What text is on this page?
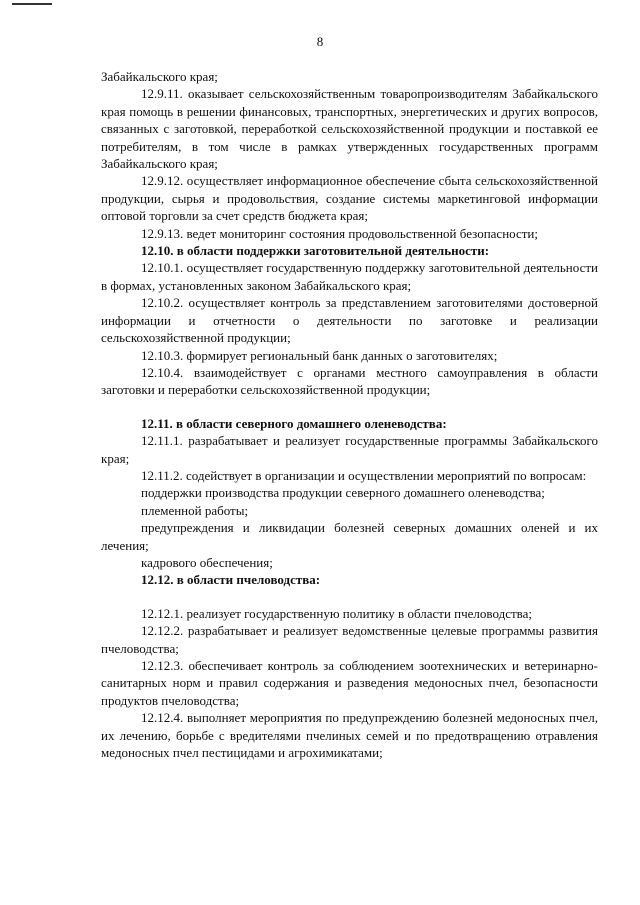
8

Забайкальского края;

12.9.11. оказывает сельскохозяйственным товаропроизводителям Забайкальского края помощь в решении финансовых, транспортных, энергетических и других вопросов, связанных с заготовкой, переработкой сельскохозяйственной продукции и поставкой ее потребителям, в том числе в рамках утвержденных государственных программ Забайкальского края;

12.9.12. осуществляет информационное обеспечение сбыта сельскохозяйственной продукции, сырья и продовольствия, создание системы маркетинговой информации оптовой торговли за счет средств бюджета края;

12.9.13. ведет мониторинг состояния продовольственной безопасности;

12.10. в области поддержки заготовительной деятельности:

12.10.1. осуществляет государственную поддержку заготовительной деятельности в формах, установленных законом Забайкальского края;

12.10.2. осуществляет контроль за представлением заготовителями достоверной информации и отчетности о деятельности по заготовке и реализации сельскохозяйственной продукции;

12.10.3. формирует региональный банк данных о заготовителях;

12.10.4. взаимодействует с органами местного самоуправления в области заготовки и переработки сельскохозяйственной продукции;

12.11. в области северного домашнего оленеводства:

12.11.1. разрабатывает и реализует государственные программы Забайкальского края;

12.11.2. содействует в организации и осуществлении мероприятий по вопросам:

поддержки производства продукции северного домашнего оленеводства;

племенной работы;

предупреждения и ликвидации болезней северных домашних оленей и их лечения;

кадрового обеспечения;

12.12. в области пчеловодства:

12.12.1. реализует государственную политику в области пчеловодства;

12.12.2. разрабатывает и реализует ведомственные целевые программы развития пчеловодства;

12.12.3. обеспечивает контроль за соблюдением зоотехнических и ветеринарно-санитарных норм и правил содержания и разведения медоносных пчел, безопасности продуктов пчеловодства;

12.12.4. выполняет мероприятия по предупреждению болезней медоносных пчел, их лечению, борьбе с вредителями пчелиных семей и по предотвращению отравления медоносных пчел пестицидами и агрохимикатами;
